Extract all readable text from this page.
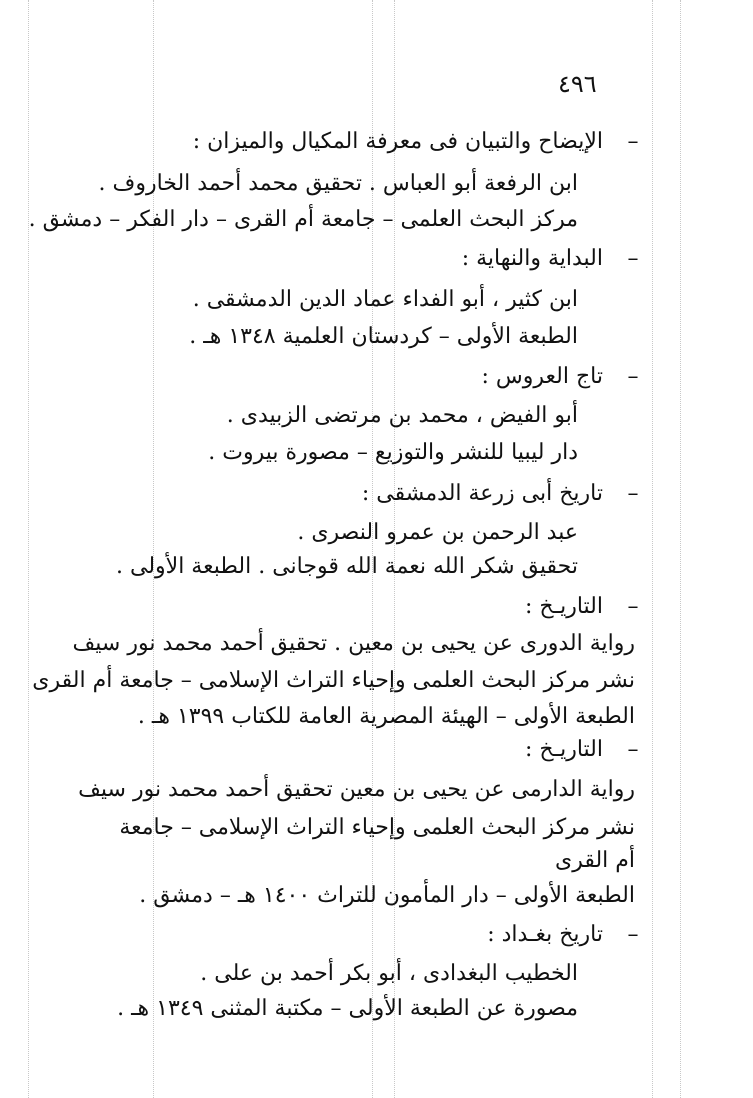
٤٩٦
–
الإيضاح والتبيان فى معرفة المكيال والميزان :
ابن الرفعة أبو العباس . تحقيق محمد أحمد الخاروف .
مركز البحث العلمى – جامعة أم القرى – دار الفكر – دمشق .
–
البداية والنهاية :
ابن كثير ، أبو الفداء عماد الدين الدمشقى .
الطبعة الأولى – كردستان العلمية ١٣٤٨ هـ .
–
تاج العروس :
أبو الفيض ، محمد بن مرتضى الزبيدى .
دار ليبيا للنشر والتوزيع – مصورة بيروت .
–
تاريخ أبى زرعة الدمشقى :
عبد الرحمن بن عمرو النصرى .
تحقيق شكر الله نعمة الله قوجانى . الطبعة الأولى .
–
التاريـخ :
رواية الدورى عن يحيى بن معين . تحقيق أحمد محمد نور سيف
نشر مركز البحث العلمى وإحياء التراث الإسلامى – جامعة أم القرى
الطبعة الأولى – الهيئة المصرية العامة للكتاب ١٣٩٩ هـ .
–
التاريـخ :
رواية الدارمى عن يحيى بن معين تحقيق أحمد محمد نور سيف
نشر مركز البحث العلمى وإحياء التراث الإسلامى – جامعة
أم القرى
الطبعة الأولى – دار المأمون للتراث ١٤٠٠ هـ – دمشق .
–
تاريخ بغـداد :
الخطيب البغدادى ، أبو بكر أحمد بن على .
مصورة عن الطبعة الأولى – مكتبة المثنى ١٣٤٩ هـ .
